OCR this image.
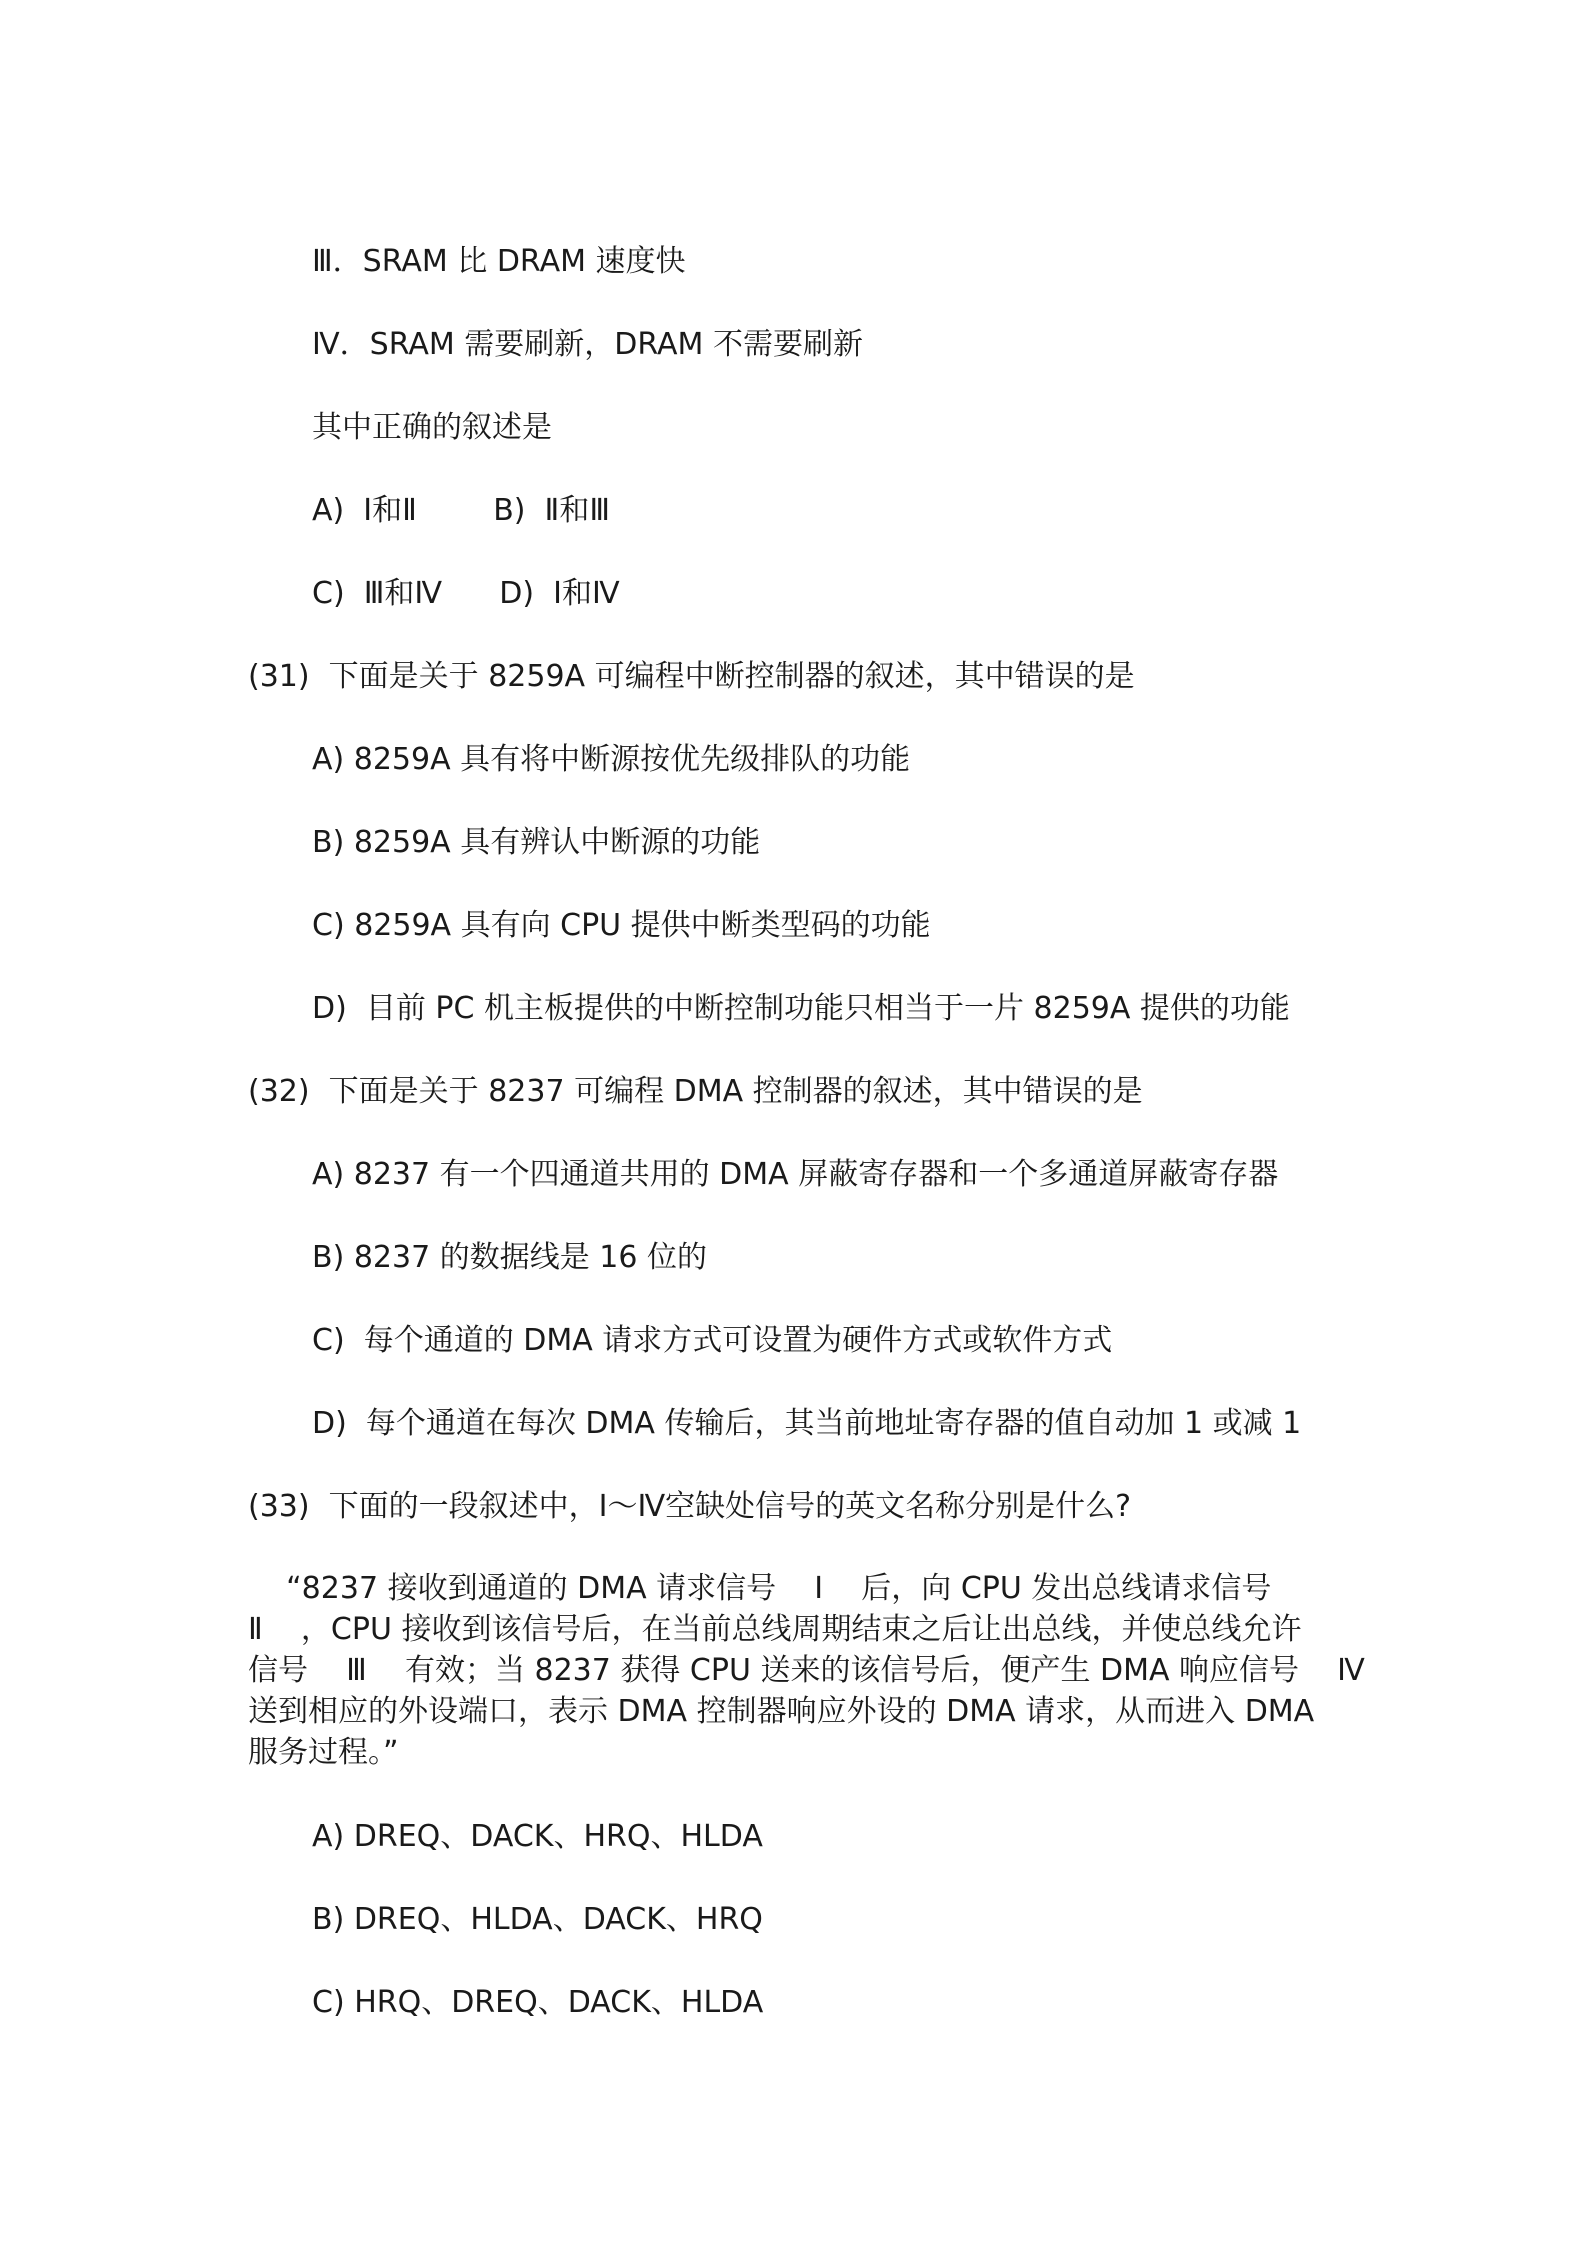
Ⅲ．SRAM 比 DRAM 速度快
Ⅳ．SRAM 需要刷新，DRAM 不需要刷新
其中正确的叙述是
A)  Ⅰ和Ⅱ        B)  Ⅱ和Ⅲ
C)  Ⅲ和Ⅳ      D)  Ⅰ和Ⅳ
(31)  下面是关于 8259A 可编程中断控制器的叙述，其中错误的是
A) 8259A 具有将中断源按优先级排队的功能
B) 8259A 具有辨认中断源的功能
C) 8259A 具有向 CPU 提供中断类型码的功能
D)  目前 PC 机主板提供的中断控制功能只相当于一片 8259A 提供的功能
(32)  下面是关于 8237 可编程 DMA 控制器的叙述，其中错误的是
A) 8237 有一个四通道共用的 DMA 屏蔽寄存器和一个多通道屏蔽寄存器
B) 8237 的数据线是 16 位的
C)  每个通道的 DMA 请求方式可设置为硬件方式或软件方式
D)  每个通道在每次 DMA 传输后，其当前地址寄存器的值自动加 1 或减 1
(33)  下面的一段叙述中，Ⅰ～Ⅳ空缺处信号的英文名称分别是什么?
“8237 接收到通道的 DMA 请求信号    Ⅰ    后，向 CPU 发出总线请求信号
Ⅱ    ，CPU 接收到该信号后，在当前总线周期结束之后让出总线，并使总线允许
信号    Ⅲ    有效；当 8237 获得 CPU 送来的该信号后，便产生 DMA 响应信号    Ⅳ
送到相应的外设端口，表示 DMA 控制器响应外设的 DMA 请求，从而进入 DMA
服务过程。”
A) DREQ、DACK、HRQ、HLDA
B) DREQ、HLDA、DACK、HRQ
C) HRQ、DREQ、DACK、HLDA
